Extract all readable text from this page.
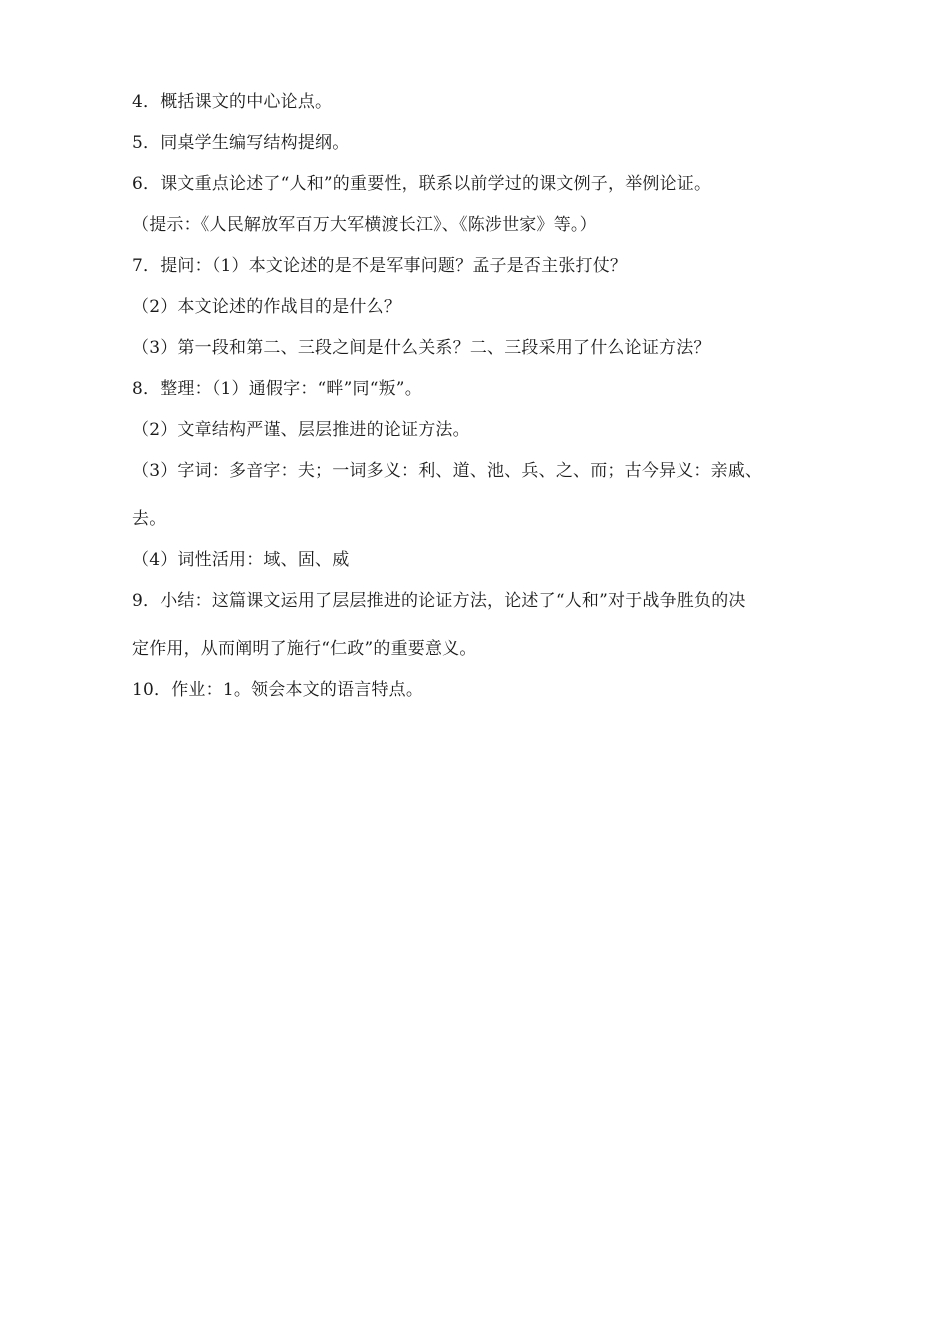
4．概括课文的中心论点。
5．同桌学生编写结构提纲。
6．课文重点论述了“人和”的重要性，联系以前学过的课文例子，举例论证。
（提示：《人民解放军百万大军横渡长江》、《陈涉世家》等。）
7．提问：（1）本文论述的是不是军事问题？孟子是否主张打仗？
（2）本文论述的作战目的是什么？
（3）第一段和第二、三段之间是什么关系？二、三段采用了什么论证方法？
8．整理：（1）通假字：“畔”同“叛”。
（2）文章结构严谨、层层推进的论证方法。
（3）字词：多音字：夫；一词多义：利、道、池、兵、之、而；古今异义：亲戚、
去。
（4）词性活用：域、固、威
9．小结：这篇课文运用了层层推进的论证方法，论述了“人和”对于战争胜负的决
定作用，从而阐明了施行“仁政”的重要意义。
10．作业：1。领会本文的语言特点。
